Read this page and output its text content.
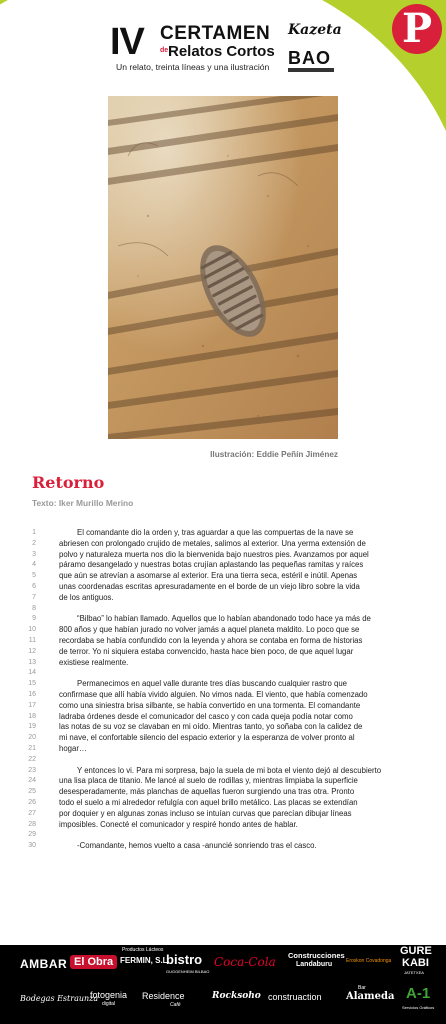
P
IV CERTAMEN
de Relatos Cortos
Un relato, treinta líneas y una ilustración
Kazeta
BAO
Ilustración: Eddie Peñín Jiménez
Retorno
Texto: Iker Murillo Merino
1	El comandante dio la orden y, tras aguardar a que las compuertas de la nave se
2	abriesen con prolongado crujido de metales, salimos al exterior. Una yerma extensión de
3	polvo y naturaleza muerta nos dio la bienvenida bajo nuestros pies. Avanzamos por aquel
4	páramo desangelado y nuestras botas crujían aplastando las pequeñas ramitas y raíces
5	que aún se atrevían a asomarse al exterior. Era una tierra seca, estéril e inútil. Apenas
6	unas coordenadas escritas apresuradamente en el borde de un viejo libro sobre la vida
7	de los antiguos.
8
9	“Bilbao” lo habían llamado. Aquellos que lo habían abandonado todo hace ya más de
10	800 años y que habían jurado no volver jamás a aquel planeta maldito. Lo poco que se
11	recordaba se había confundido con la leyenda y ahora se contaba en forma de historias
12	de terror. Yo ni siquiera estaba convencido, hasta hace bien poco, de que aquel lugar
13	existiese realmente.
14
15	Permanecimos en aquel valle durante tres días buscando cualquier rastro que
16	confirmase que allí había vivido alguien. No vimos nada. El viento, que había comenzado
17	como una siniestra brisa silbante, se había convertido en una tormenta. El comandante
18	ladraba órdenes desde el comunicador del casco y con cada queja podía notar como
19	las notas de su voz se clavaban en mi oído. Mientras tanto, yo soñaba con la calidez de
20	mi nave, el confortable silencio del espacio exterior y la esperanza de volver pronto al
21	hogar…
22
23	Y entonces lo vi. Para mi sorpresa, bajo la suela de mi bota el viento dejó al descubierto
24	una lisa placa de titanio. Me lancé al suelo de rodillas y, mientras limpiaba la superficie
25	desesperadamente, más planchas de aquellas fueron surgiendo una tras otra. Pronto
26	todo el suelo a mi alrededor refulgía con aquel brillo metálico. Las placas se extendían
27	por doquier y en algunas zonas incluso se intuían curvas que parecían dibujar líneas
28	imposibles. Conecté el comunicador y respiré hondo antes de hablar.
29
30	-Comandante, hemos vuelto a casa -anuncié sonriendo tras el casco.
AMBAR El Obra
Productos Lácteos
FERMIN, S.L.
bistro
GUGGENHEIM BILBAO
Coca-Cola Construcciones
Landaburu	Eroskon Covadonga
GURE
KABI
JATETXEA
Bodegas Estraunza
fotogenia
digital
Residence
Café
Rocksoho construaction
Bar
Alameda A-1
Servicios Gráficos
